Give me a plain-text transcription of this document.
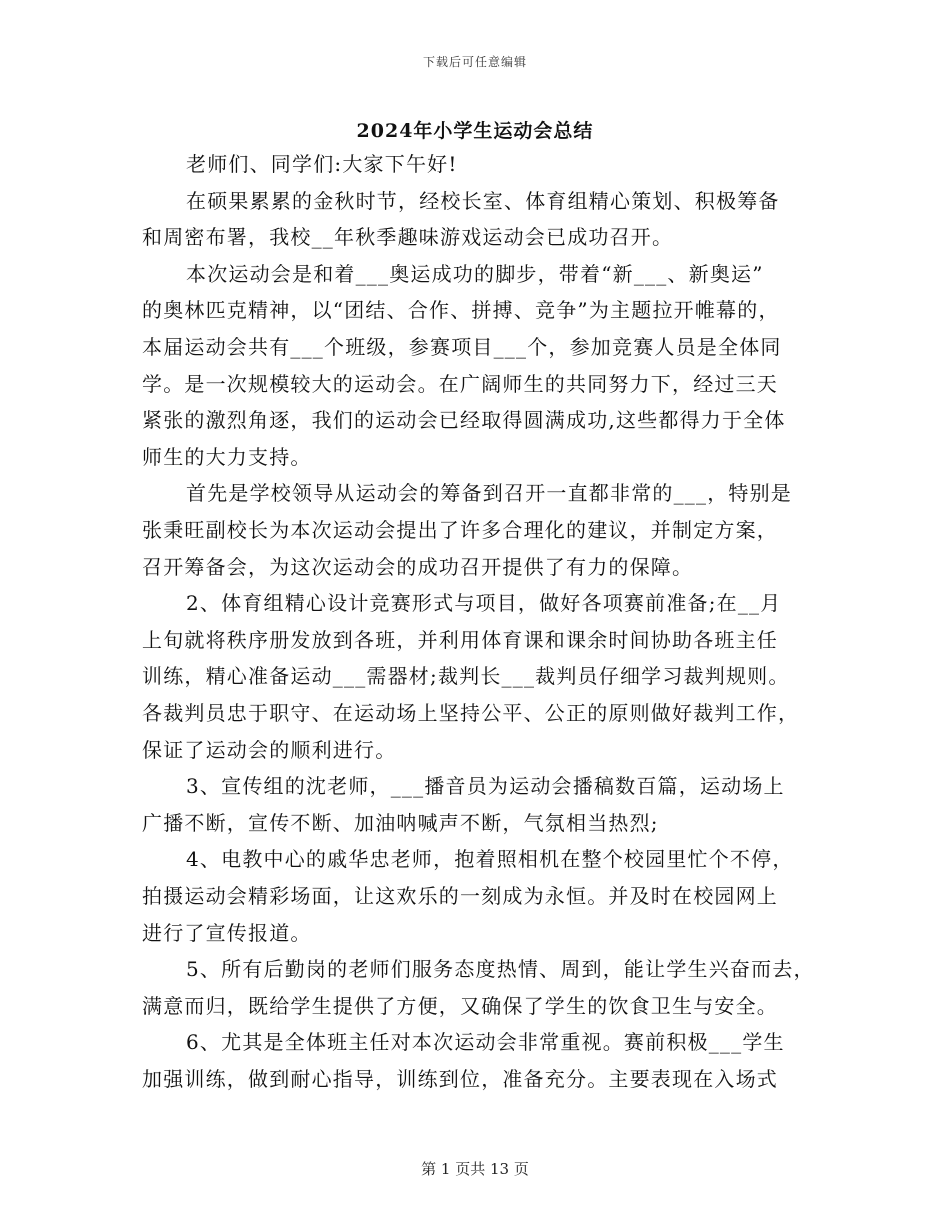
下载后可任意编辑
2024年小学生运动会总结
老师们、同学们:大家下午好!
在硕果累累的金秋时节，经校长室、体育组精心策划、积极筹备
和周密布署，我校__年秋季趣味游戏运动会已成功召开。
本次运动会是和着___奥运成功的脚步，带着“新___、新奥运”
的奥林匹克精神，以“团结、合作、拼搏、竞争”为主题拉开帷幕的，
本届运动会共有___个班级，参赛项目___个，参加竞赛人员是全体同
学。是一次规模较大的运动会。在广阔师生的共同努力下，经过三天
紧张的激烈角逐，我们的运动会已经取得圆满成功,这些都得力于全体
师生的大力支持。
首先是学校领导从运动会的筹备到召开一直都非常的___，特别是
张秉旺副校长为本次运动会提出了许多合理化的建议，并制定方案，
召开筹备会，为这次运动会的成功召开提供了有力的保障。
2、体育组精心设计竞赛形式与项目，做好各项赛前准备;在__月
上旬就将秩序册发放到各班，并利用体育课和课余时间协助各班主任
训练，精心准备运动___需器材;裁判长___裁判员仔细学习裁判规则。
各裁判员忠于职守、在运动场上坚持公平、公正的原则做好裁判工作，
保证了运动会的顺利进行。
3、宣传组的沈老师，___播音员为运动会播稿数百篇，运动场上
广播不断，宣传不断、加油呐喊声不断，气氛相当热烈;
4、电教中心的戚华忠老师，抱着照相机在整个校园里忙个不停，
拍摄运动会精彩场面，让这欢乐的一刻成为永恒。并及时在校园网上
进行了宣传报道。
5、所有后勤岗的老师们服务态度热情、周到，能让学生兴奋而去，
满意而归，既给学生提供了方便，又确保了学生的饮食卫生与安全。
6、尤其是全体班主任对本次运动会非常重视。赛前积极___学生
加强训练，做到耐心指导，训练到位，准备充分。主要表现在入场式
第 1 页共 13 页
